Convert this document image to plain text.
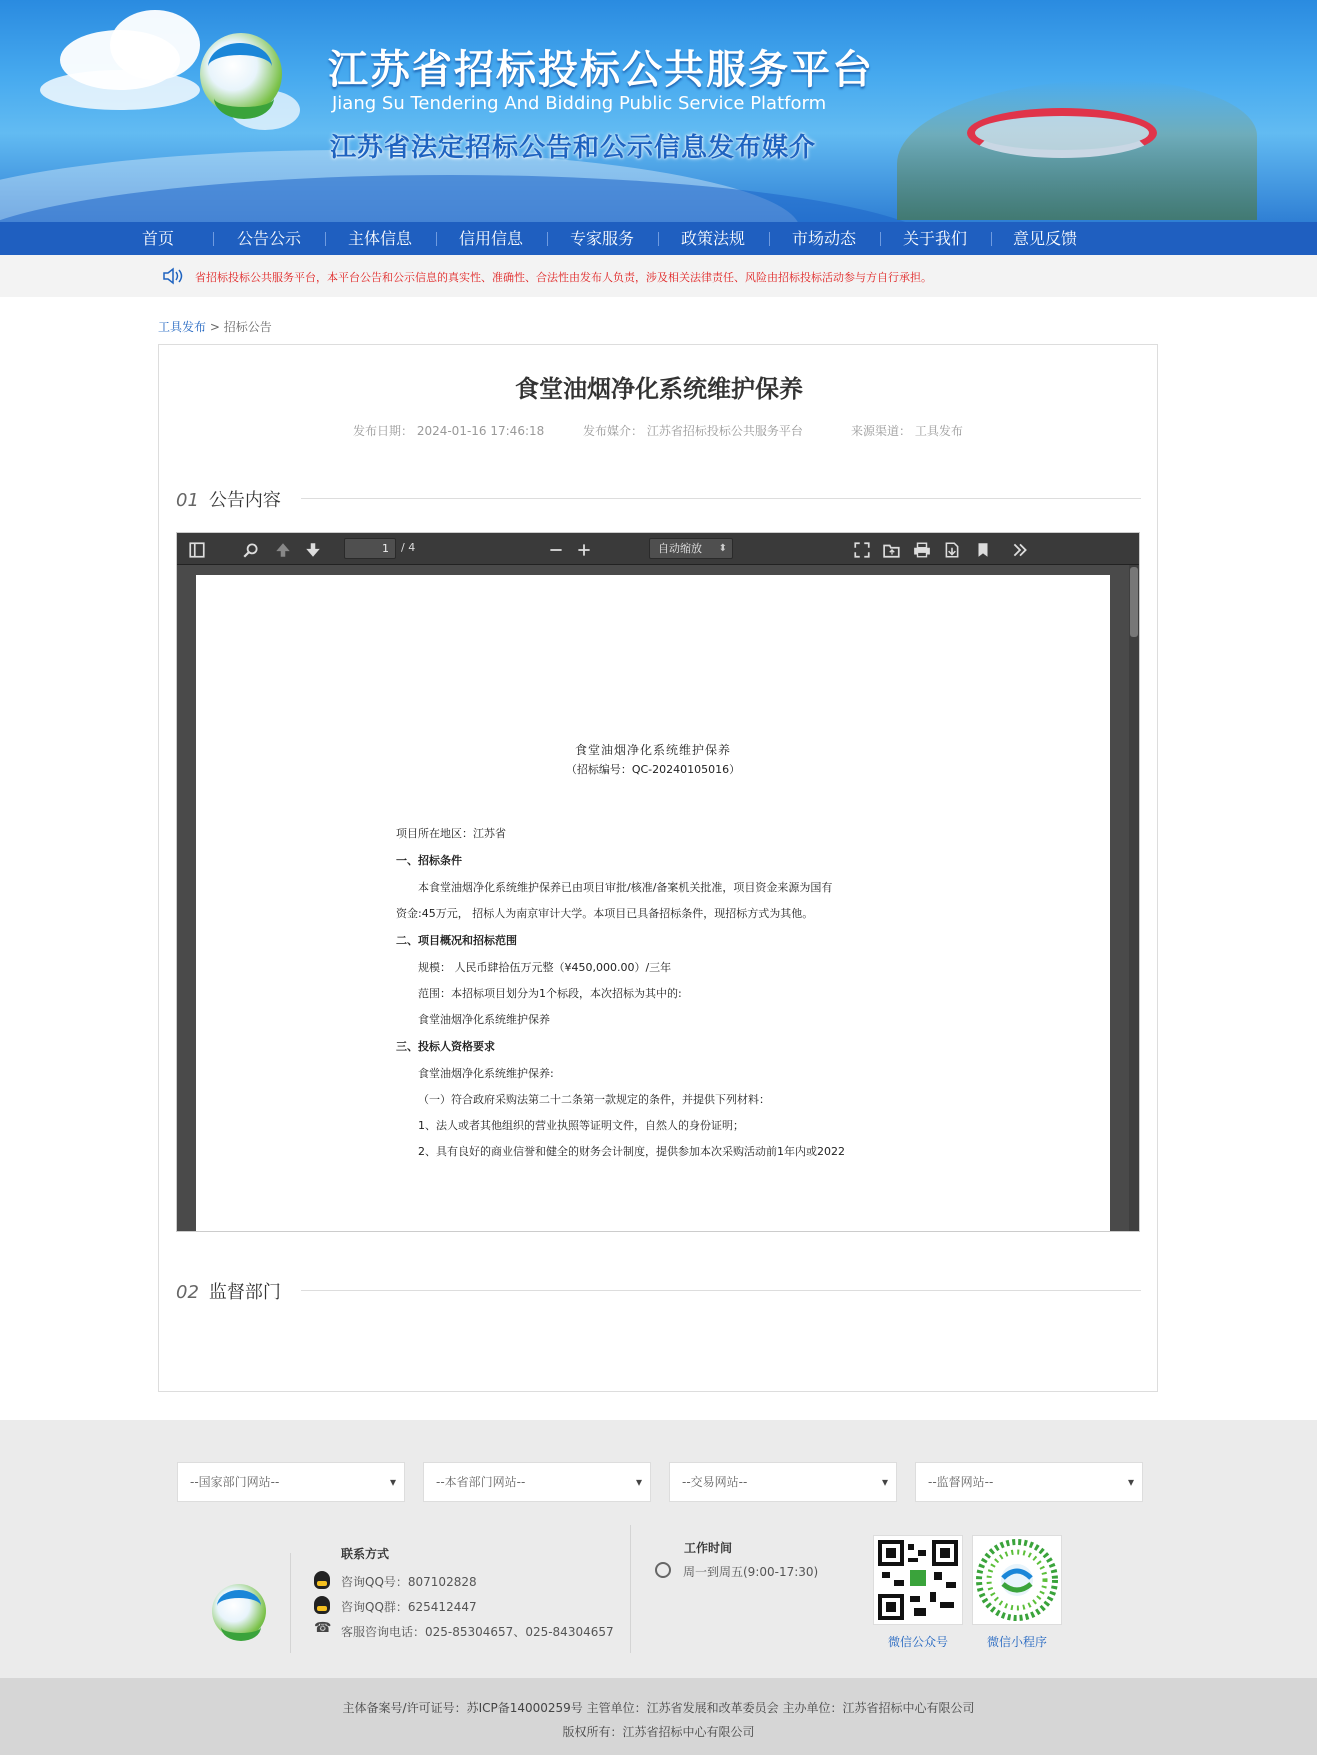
江苏省招标投标公共服务平台
Jiang Su Tendering And Bidding Public Service Platform
江苏省法定招标公告和公示信息发布媒介
首页	公告公示	主体信息	信用信息	专家服务	政策法规	市场动态	关于我们	意见反馈
省招标投标公共服务平台，本平台公告和公示信息的真实性、准确性、合法性由发布人负责，涉及相关法律责任、风险由招标投标活动参与方自行承担。
工具发布 > 招标公告
食堂油烟净化系统维护保养
发布日期： 2024-01-16 17:46:18	发布媒介： 江苏省招标投标公共服务平台	来源渠道： 工具发布
01 公告内容
1	/ 4	自动缩放 ⬍
食堂油烟净化系统维护保养
（招标编号：QC-20240105016）
项目所在地区：江苏省
一、招标条件
本食堂油烟净化系统维护保养已由项目审批/核准/备案机关批准，项目资金来源为国有
资金:45万元， 招标人为南京审计大学。本项目已具备招标条件，现招标方式为其他。
二、项目概况和招标范围
规模： 人民币肆拾伍万元整（¥450,000.00）/三年
范围：本招标项目划分为1个标段，本次招标为其中的:
食堂油烟净化系统维护保养
三、投标人资格要求
食堂油烟净化系统维护保养:
（一）符合政府采购法第二十二条第一款规定的条件，并提供下列材料：
1、法人或者其他组织的营业执照等证明文件，自然人的身份证明；
2、具有良好的商业信誉和健全的财务会计制度，提供参加本次采购活动前1年内或2022
02 监督部门
--国家部门网站-- ▾	--本省部门网站-- ▾	--交易网站-- ▾	--监督网站-- ▾
联系方式
咨询QQ号：807102828
咨询QQ群：625412447
☎ 客服咨询电话：025-85304657、025-84304657
工作时间
周一到周五(9:00-17:30)
微信公众号	微信小程序
主体备案号/许可证号：苏ICP备14000259号 主管单位：江苏省发展和改革委员会 主办单位：江苏省招标中心有限公司
版权所有：江苏省招标中心有限公司
